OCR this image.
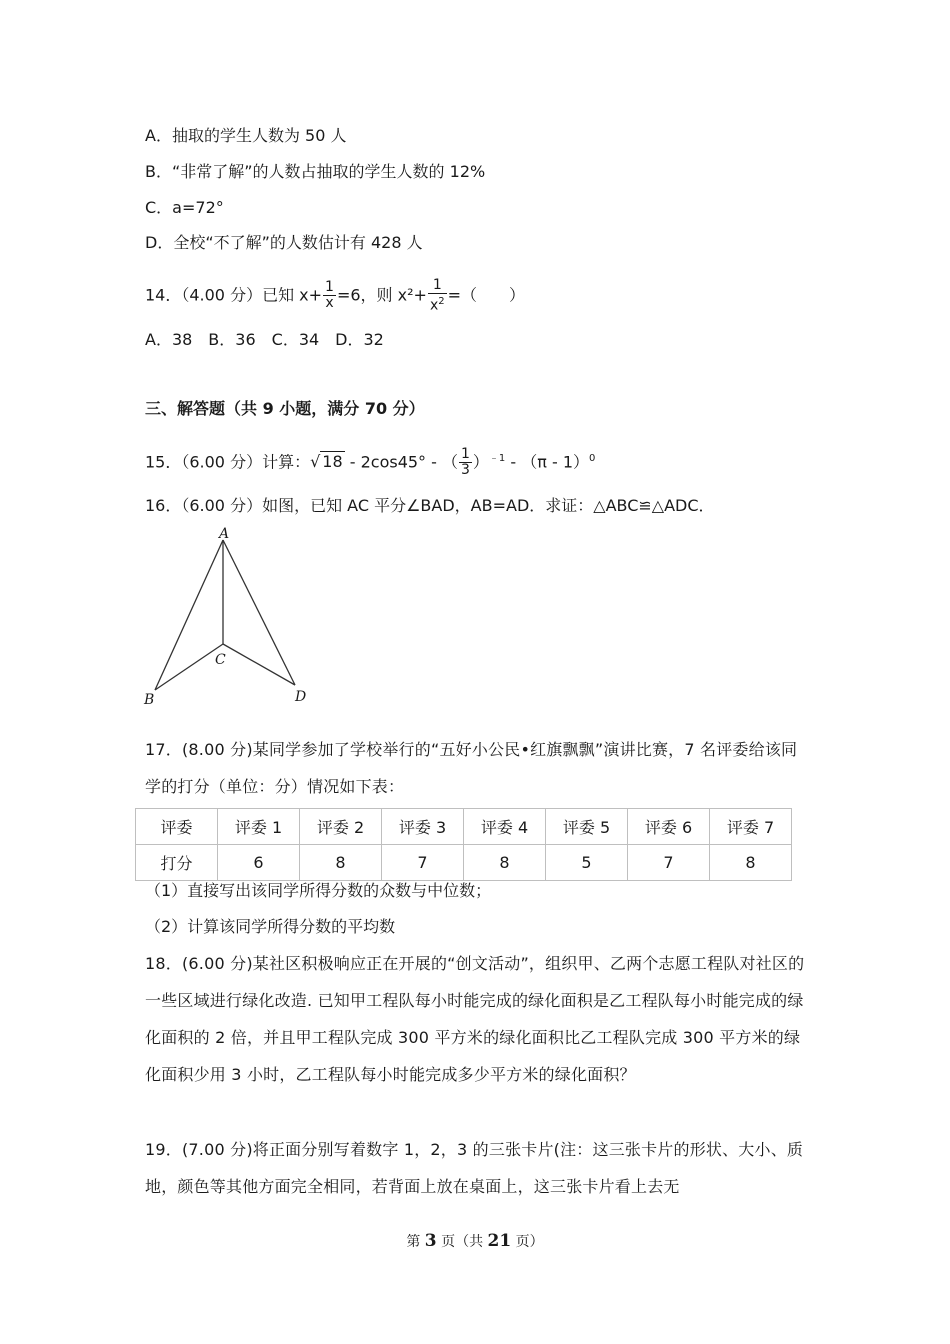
A．抽取的学生人数为 50 人
B．“非常了解”的人数占抽取的学生人数的 12%
C．a=72°
D．全校“不了解”的人数估计有 428 人
14．（4.00 分）已知 $x+ \frac{1}{x} =6$，则 $x^2+ \frac{1}{x^2}$ =（　　）
A．38　B．36　C．34　D．32
三、解答题（共 9 小题，满分 70 分）
15．（6.00 分）计算：√ 18 - 2cos45° - （ $\frac{1}{3} )^{﹣1} - (\pi - 1)^0$
16．（6.00 分）如图，已知 AC 平分∠BAD，AB=AD．求证：△ABC≌△ADC．
A
B
C
D
17．(8.00 分)某同学参加了学校举行的“五好小公民•红旗飘飘”演讲比赛，7 名评委给该同学的打分（单位：分）情况如下表：
评委	评委 1	评委 2	评委 3	评委 4	评委 5	评委 6	评委 7
打分	6	8	7	8	5	7	8
（1）直接写出该同学所得分数的众数与中位数；
（2）计算该同学所得分数的平均数
18．(6.00 分)某社区积极响应正在开展的“创文活动”，组织甲、乙两个志愿工程队对社区的一些区域进行绿化改造. 已知甲工程队每小时能完成的绿化面积是乙工程队每小时能完成的绿化面积的 2 倍，并且甲工程队完成 300 平方米的绿化面积比乙工程队完成 300 平方米的绿化面积少用 3 小时，乙工程队每小时能完成多少平方米的绿化面积？
19．(7.00 分)将正面分别写着数字 1，2，3 的三张卡片(注：这三张卡片的形状、大小、质地，颜色等其他方面完全相同，若背面上放在桌面上，这三张卡片看上去无
第 3 页（共 21 页）
